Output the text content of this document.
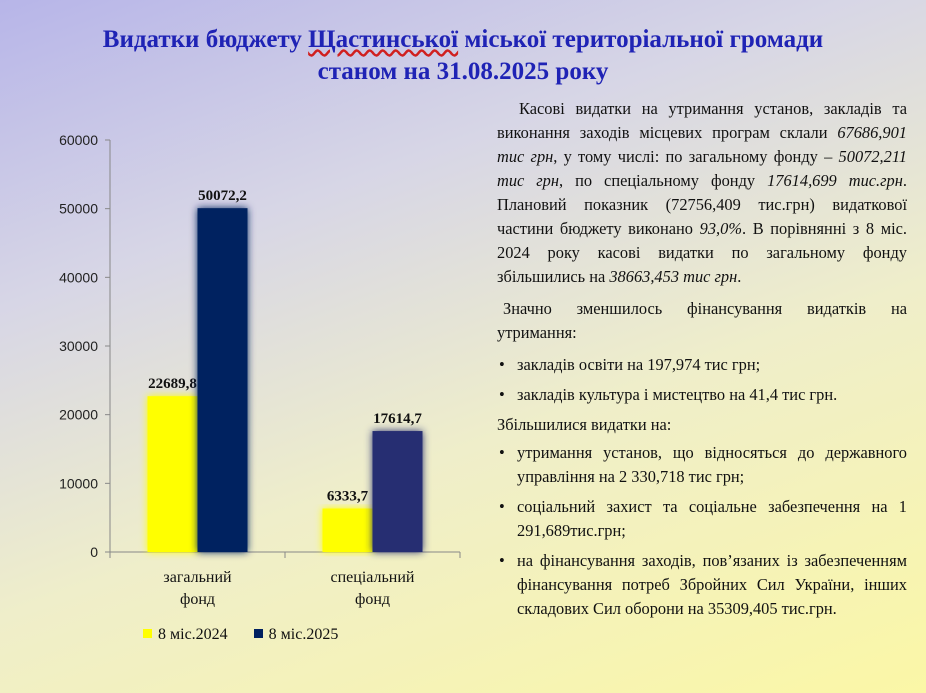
Видатки бюджету Щастинської міської територіальної громади
станом на 31.08.2025 року
0
10000
20000
30000
40000
50000
60000
22689,8
50072,2
загальний
фонд
6333,7
17614,7
спеціальний
фонд
8 міс.2024	8 міс.2025

Касові видатки на утримання установ, закладів та виконання заходів місцевих програм склали 67686,901 тис грн, у тому числі: по загальному фонду – 50072,211 тис грн, по спеціальному фонду 17614,699 тис.грн. Плановий показник (72756,409 тис.грн) видаткової частини бюджету виконано 93,0%. В порівнянні з 8 міс. 2024 року касові видатки по загальному фонду збільшились на 38663,453 тис грн.

Значно зменшилось фінансування видатків на утримання:

• закладів освіти на 197,974 тис грн;
• закладів культура і мистецтво на 41,4 тис грн.

Збільшилися видатки на:

• утримання установ, що відносяться до державного управління на 2 330,718 тис грн;
• соціальний захист та соціальне забезпечення на 1 291,689тис.грн;
• на фінансування заходів, пов’язаних із забезпеченням фінансування потреб Збройних Сил України, інших складових Сил оборони на 35309,405 тис.грн.
